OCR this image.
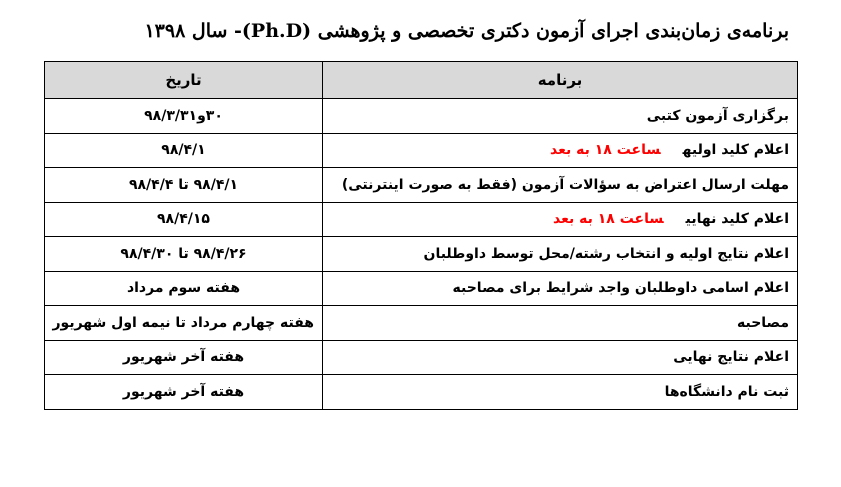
برنامه‌ی زمان‌بندی اجرای آزمون دکتری تخصصی و پژوهشی (Ph.D)- سال ۱۳۹۸
برنامه	تاریخ
برگزاری آزمون کتبی	۳۰و۹۸/۳/۳۱
اعلام کلید اولیهساعت ۱۸ به بعد	۹۸/۴/۱
مهلت ارسال اعتراض به سؤالات آزمون (فقط به صورت اینترنتی)	۹۸/۴/۱ تا ۹۸/۴/۴
اعلام کلید نهاییساعت ۱۸ به بعد	۹۸/۴/۱۵
اعلام نتایج اولیه و انتخاب رشته/محل توسط داوطلبان	۹۸/۴/۲۶ تا ۹۸/۴/۳۰
اعلام اسامی داوطلبان واجد شرایط برای مصاحبه	هفته سوم مرداد
مصاحبه	هفته چهارم مرداد تا نیمه اول شهریور
اعلام نتایج نهایی	هفته آخر شهریور
ثبت نام دانشگاه‌ها	هفته آخر شهریور
